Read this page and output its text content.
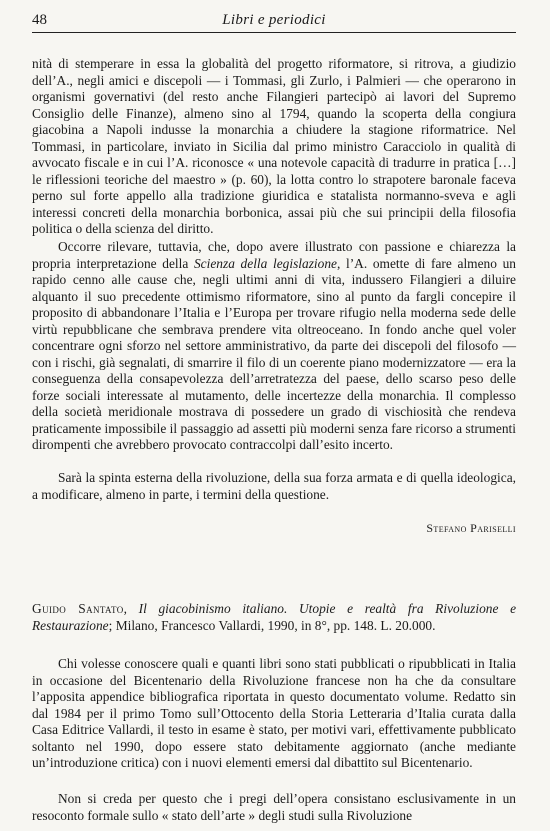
48	Libri e periodici

nità di stemperare in essa la globalità del progetto riformatore, si ritrova, a giudizio dell’A., negli amici e discepoli — i Tommasi, gli Zurlo, i Palmieri — che operarono in organismi governativi (del resto anche Filangieri partecipò ai lavori del Supremo Consiglio delle Finanze), almeno sino al 1794, quando la scoperta della congiura giacobina a Napoli indusse la monarchia a chiudere la stagione riformatrice. Nel Tommasi, in particolare, inviato in Sicilia dal primo ministro Caracciolo in qualità di avvocato fiscale e in cui l’A. riconosce « una notevole capacità di tradurre in pratica […] le riflessioni teoriche del maestro » (p. 60), la lotta contro lo strapotere baronale faceva perno sul forte appello alla tradizione giuridica e statalista normanno-sveva e agli interessi concreti della monarchia borbonica, assai più che sui principii della filosofia politica o della scienza del diritto.

Occorre rilevare, tuttavia, che, dopo avere illustrato con passione e chiarezza la propria interpretazione della Scienza della legislazione, l’A. omette di fare almeno un rapido cenno alle cause che, negli ultimi anni di vita, indussero Filangieri a diluire alquanto il suo precedente ottimismo riformatore, sino al punto da fargli concepire il proposito di abbandonare l’Italia e l’Europa per trovare rifugio nella moderna sede delle virtù repubblicane che sembrava prendere vita oltreoceano. In fondo anche quel voler concentrare ogni sforzo nel settore amministrativo, da parte dei discepoli del filosofo — con i rischi, già segnalati, di smarrire il filo di un coerente piano modernizzatore — era la conseguenza della consapevolezza dell’arretratezza del paese, dello scarso peso delle forze sociali interessate al mutamento, delle incertezze della monarchia. Il complesso della società meridionale mostrava di possedere un grado di vischiosità che rendeva praticamente impossibile il passaggio ad assetti più moderni senza fare ricorso a strumenti dirompenti che avrebbero provocato contraccolpi dall’esito incerto.

Sarà la spinta esterna della rivoluzione, della sua forza armata e di quella ideologica, a modificare, almeno in parte, i termini della questione.

Stefano Pariselli
Guido Santato, Il giacobinismo italiano. Utopie e realtà fra Rivoluzione e Restaurazione; Milano, Francesco Vallardi, 1990, in 8°, pp. 148. L. 20.000.

Chi volesse conoscere quali e quanti libri sono stati pubblicati o ripubblicati in Italia in occasione del Bicentenario della Rivoluzione francese non ha che da consultare l’apposita appendice bibliografica riportata in questo documentato volume. Redatto sin dal 1984 per il primo Tomo sull’Ottocento della Storia Letteraria d’Italia curata dalla Casa Editrice Vallardi, il testo in esame è stato, per motivi vari, effettivamente pubblicato soltanto nel 1990, dopo essere stato debitamente aggiornato (anche mediante un’introduzione critica) con i nuovi elementi emersi dal dibattito sul Bicentenario.

Non si creda per questo che i pregi dell’opera consistano esclusivamente in un resoconto formale sullo « stato dell’arte » degli studi sulla Rivoluzione
